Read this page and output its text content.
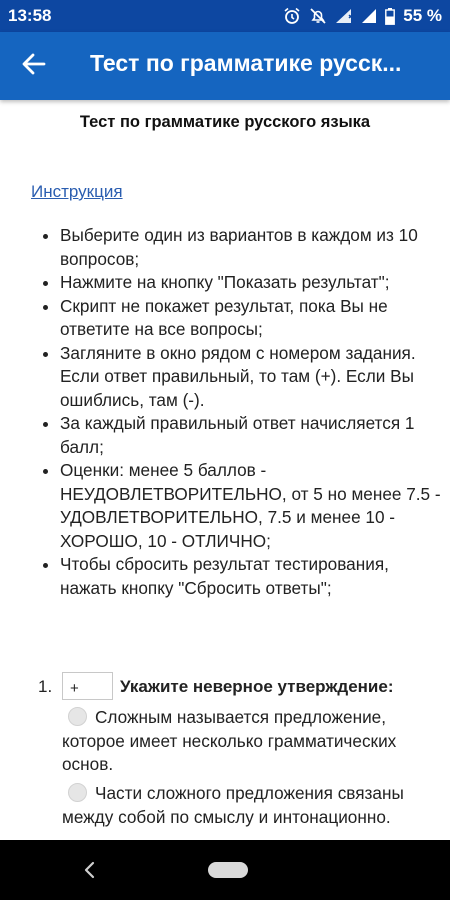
13:58	55 %
Тест по грамматике русск...
Тест по грамматике русского языка
Инструкция
• Выберите один из вариантов в каждом из 10 вопросов;
• Нажмите на кнопку "Показать результат";
• Скрипт не покажет результат, пока Вы не ответите на все вопросы;
• Загляните в окно рядом с номером задания. Если ответ правильный, то там (+). Если Вы ошиблись, там (-).
• За каждый правильный ответ начисляется 1 балл;
• Оценки: менее 5 баллов - НЕУДОВЛЕТВОРИТЕЛЬНО, от 5 но менее 7.5 - УДОВЛЕТВОРИТЕЛЬНО, 7.5 и менее 10 - ХОРОШО, 10 - ОТЛИЧНО;
• Чтобы сбросить результат тестирования, нажать кнопку "Сбросить ответы";
1.
+	Укажите неверное утверждение:
Сложным называется предложение, которое имеет несколько грамматических основ.
Части сложного предложения связаны между собой по смыслу и интонационно.
